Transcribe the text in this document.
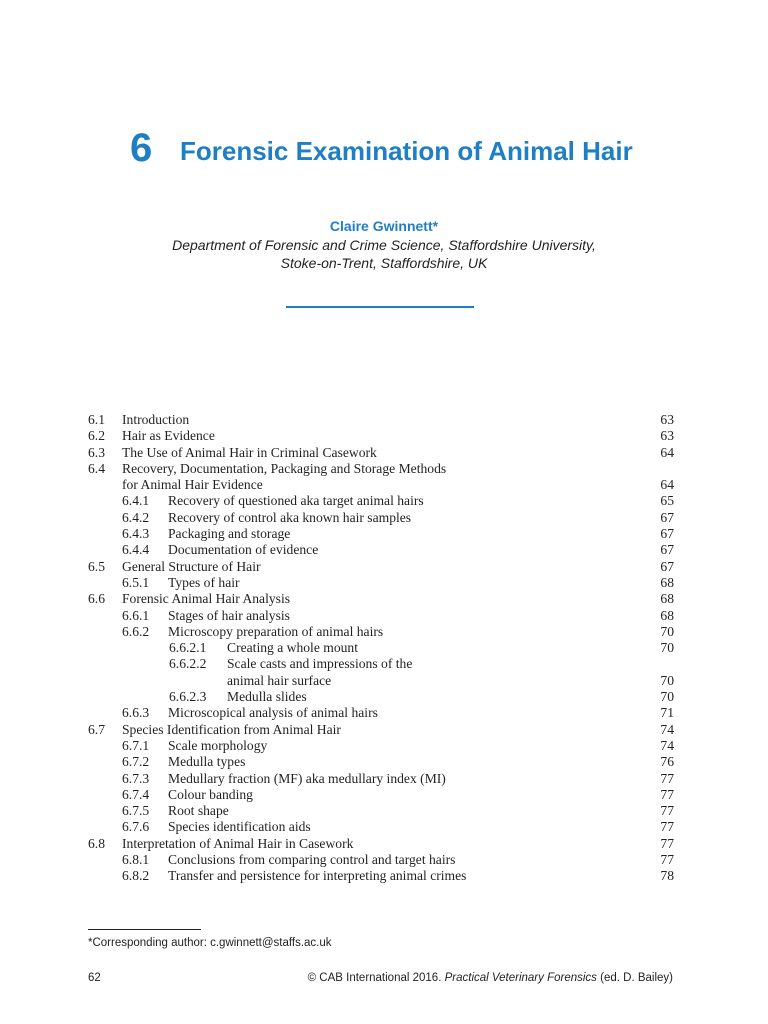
6 Forensic Examination of Animal Hair
Claire Gwinnett*
Department of Forensic and Crime Science, Staffordshire University,
Stoke-on-Trent, Staffordshire, UK
6.1 Introduction	63
6.2 Hair as Evidence	63
6.3 The Use of Animal Hair in Criminal Casework	64
6.4 Recovery, Documentation, Packaging and Storage Methods
for Animal Hair Evidence	64
6.4.1 Recovery of questioned aka target animal hairs	65
6.4.2 Recovery of control aka known hair samples	67
6.4.3 Packaging and storage	67
6.4.4 Documentation of evidence	67
6.5 General Structure of Hair	67
6.5.1 Types of hair	68
6.6 Forensic Animal Hair Analysis	68
6.6.1 Stages of hair analysis	68
6.6.2 Microscopy preparation of animal hairs	70
6.6.2.1 Creating a whole mount	70
6.6.2.2 Scale casts and impressions of the
animal hair surface	70
6.6.2.3 Medulla slides	70
6.6.3 Microscopical analysis of animal hairs	71
6.7 Species Identification from Animal Hair	74
6.7.1 Scale morphology	74
6.7.2 Medulla types	76
6.7.3 Medullary fraction (MF) aka medullary index (MI)	77
6.7.4 Colour banding	77
6.7.5 Root shape	77
6.7.6 Species identification aids	77
6.8 Interpretation of Animal Hair in Casework	77
6.8.1 Conclusions from comparing control and target hairs	77
6.8.2 Transfer and persistence for interpreting animal crimes	78
*Corresponding author: c.gwinnett@staffs.ac.uk
62	© CAB International 2016. Practical Veterinary Forensics (ed. D. Bailey)
